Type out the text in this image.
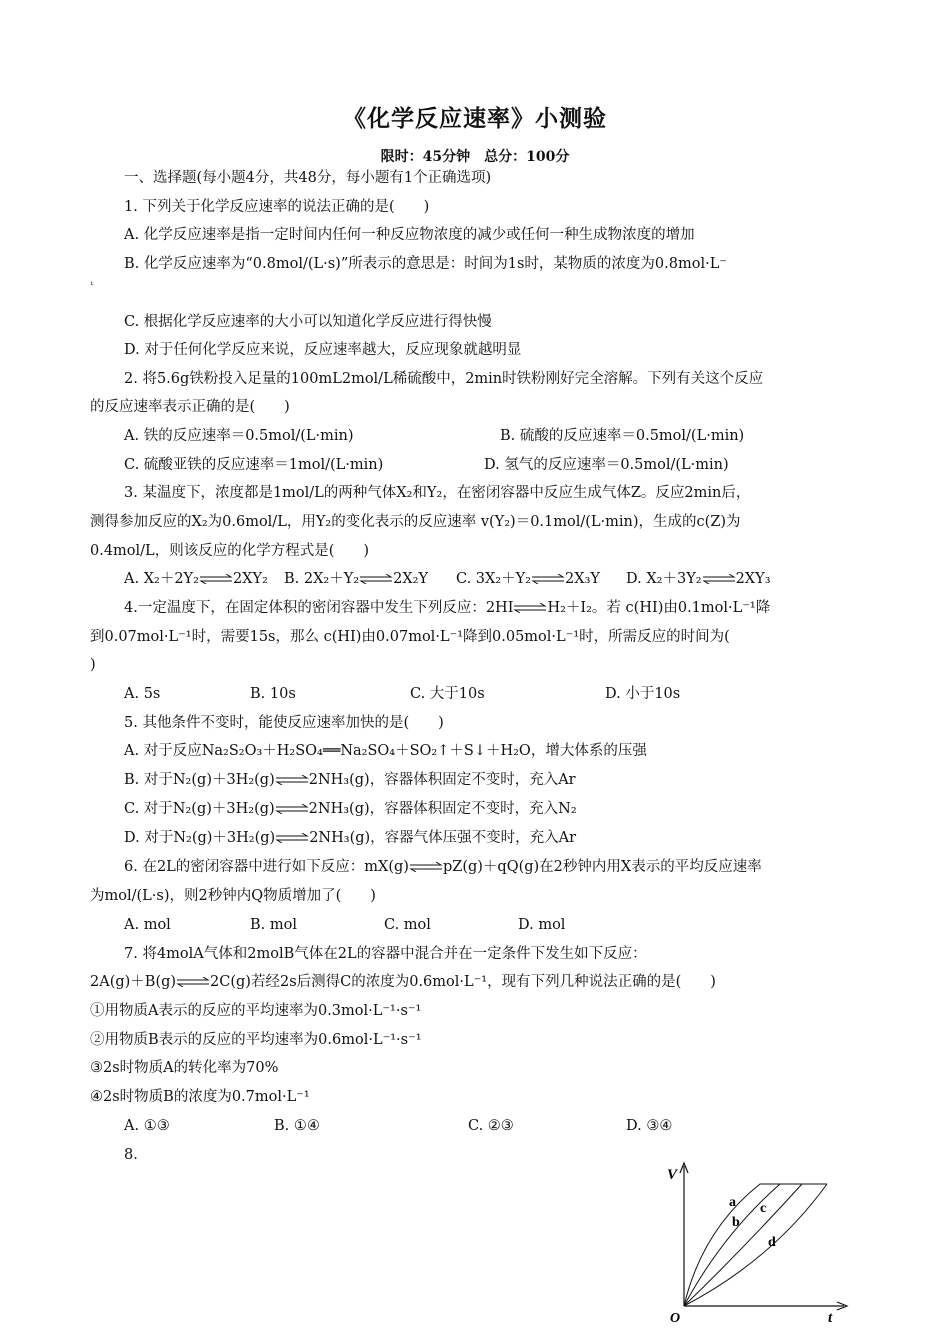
《化学反应速率》小测验
限时：45分钟　总分：100分
一、选择题(每小题4分，共48分，每小题有1个正确选项)
1. 下列关于化学反应速率的说法正确的是(　　)
A. 化学反应速率是指一定时间内任何一种反应物浓度的减少或任何一种生成物浓度的增加
B. 化学反应速率为“0.8mol/(L·s)”所表示的意思是：时间为1s时，某物质的浓度为0.8mol·L⁻
¹
C. 根据化学反应速率的大小可以知道化学反应进行得快慢
D. 对于任何化学反应来说，反应速率越大，反应现象就越明显
2. 将5.6g铁粉投入足量的100mL2mol/L稀硫酸中，2min时铁粉刚好完全溶解。下列有关这个反应
的反应速率表示正确的是(　　)
A. 铁的反应速率＝0.5mol/(L·min)	B. 硫酸的反应速率＝0.5mol/(L·min)
C. 硫酸亚铁的反应速率＝1mol/(L·min)	D. 氢气的反应速率＝0.5mol/(L·min)
3. 某温度下，浓度都是1mol/L的两种气体X₂和Y₂，在密闭容器中反应生成气体Z。反应2min后，
测得参加反应的X₂为0.6mol/L，用Y₂的变化表示的反应速率 v(Y₂)＝0.1mol/(L·min)，生成的c(Z)为
0.4mol/L，则该反应的化学方程式是(　　)
A. X₂＋2Y₂⇌2XY₂ B. 2X₂＋Y₂⇌2X₂Y C. 3X₂＋Y₂⇌2X₃Y D. X₂＋3Y₂⇌2XY₃
4.一定温度下，在固定体积的密闭容器中发生下列反应：2HI⇌H₂＋I₂。若 c(HI)由0.1mol·L⁻¹降
到0.07mol·L⁻¹时，需要15s，那么 c(HI)由0.07mol·L⁻¹降到0.05mol·L⁻¹时，所需反应的时间为(
)
A. 5s	B. 10s	C. 大于10s	D. 小于10s
5. 其他条件不变时，能使反应速率加快的是(　　)
A. 对于反应Na₂S₂O₃＋H₂SO₄══Na₂SO₄＋SO₂↑＋S↓＋H₂O，增大体系的压强
B. 对于N₂(g)＋3H₂(g)⇌2NH₃(g)，容器体积固定不变时，充入Ar
C. 对于N₂(g)＋3H₂(g)⇌2NH₃(g)，容器体积固定不变时，充入N₂
D. 对于N₂(g)＋3H₂(g)⇌2NH₃(g)，容器气体压强不变时，充入Ar
6. 在2L的密闭容器中进行如下反应：mX(g)⇌pZ(g)＋qQ(g)在2秒钟内用X表示的平均反应速率
为mol/(L·s)，则2秒钟内Q物质增加了(　　)
A. mol	B. mol	C. mol	D. mol
7. 将4molA气体和2molB气体在2L的容器中混合并在一定条件下发生如下反应：
2A(g)＋B(g)⇌2C(g)若经2s后测得C的浓度为0.6mol·L⁻¹，现有下列几种说法正确的是(　　)
①用物质A表示的反应的平均速率为0.3mol·L⁻¹·s⁻¹
②用物质B表示的反应的平均速率为0.6mol·L⁻¹·s⁻¹
③2s时物质A的转化率为70%
④2s时物质B的浓度为0.7mol·L⁻¹
A. ①③	B. ①④	C. ②③	D. ③④
8.
V
t
O
a
b
c
d
